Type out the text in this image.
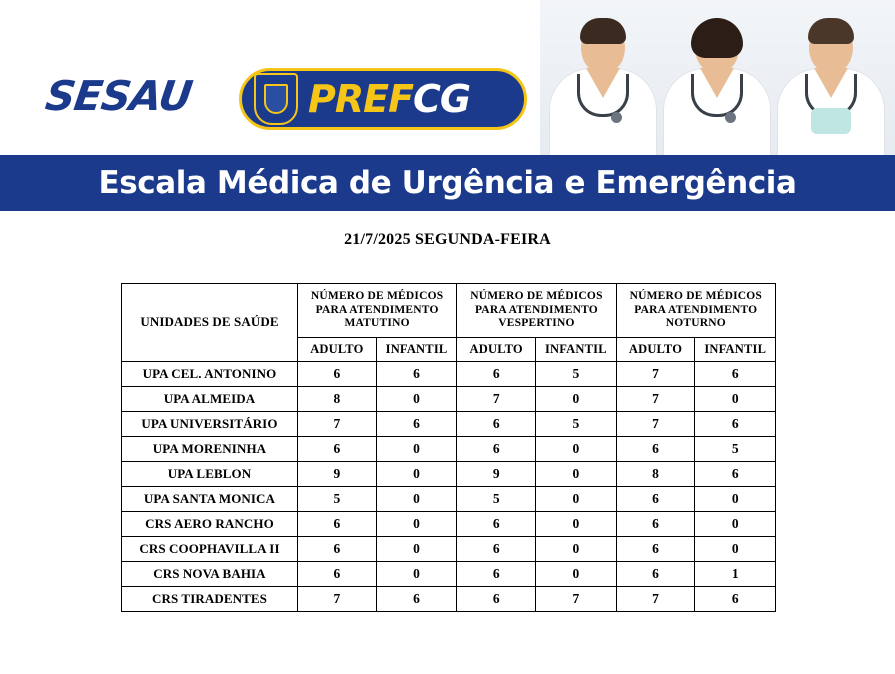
SESAU	PREFCG
Escala Médica de Urgência e Emergência
21/7/2025 SEGUNDA-FEIRA
UNIDADES DE SAÚDE	NÚMERO DE MÉDICOS PARA ATENDIMENTO MATUTINO		NÚMERO DE MÉDICOS PARA ATENDIMENTO VESPERTINO		NÚMERO DE MÉDICOS PARA ATENDIMENTO NOTURNO	
	ADULTO	INFANTIL	ADULTO	INFANTIL	ADULTO	INFANTIL
UPA CEL. ANTONINO	6	6	6	5	7	6
UPA ALMEIDA	8	0	7	0	7	0
UPA UNIVERSITÁRIO	7	6	6	5	7	6
UPA MORENINHA	6	0	6	0	6	5
UPA LEBLON	9	0	9	0	8	6
UPA SANTA MONICA	5	0	5	0	6	0
CRS AERO RANCHO	6	0	6	0	6	0
CRS COOPHAVILLA II	6	0	6	0	6	0
CRS NOVA BAHIA	6	0	6	0	6	1
CRS TIRADENTES	7	6	6	7	7	6
